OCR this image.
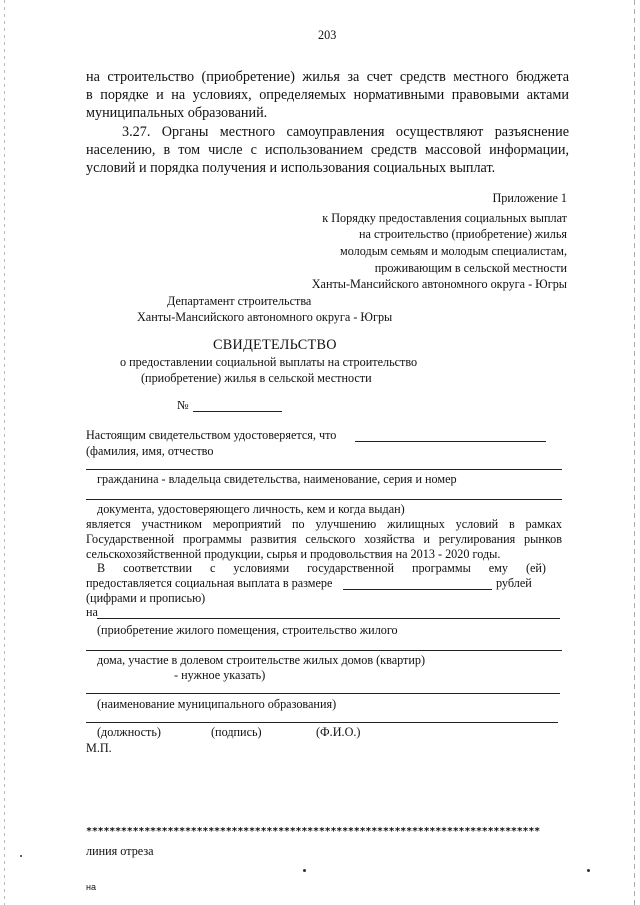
203
на строительство (приобретение) жилья за счет средств местного бюджета
в порядке и на условиях, определяемых нормативными правовыми актами
муниципальных образований.
3.27. Органы местного самоуправления осуществляют разъяснение
населению, в том числе с использованием средств массовой информации,
условий и порядка получения и использования социальных выплат.
Приложение 1
к Порядку предоставления социальных выплат
на строительство (приобретение) жилья
молодым семьям и молодым специалистам,
проживающим в сельской местности
Ханты-Мансийского автономного округа - Югры
Департамент строительства
Ханты-Мансийского автономного округа - Югры
СВИДЕТЕЛЬСТВО
о предоставлении социальной выплаты на строительство
(приобретение) жилья в сельской местности
№
Настоящим свидетельством удостоверяется, что
(фамилия, имя, отчество
гражданина - владельца свидетельства, наименование, серия и номер
документа, удостоверяющего личность, кем и когда выдан)
является участником мероприятий по улучшению жилищных условий в рамках
Государственной программы развития сельского хозяйства и регулирования рынков
сельскохозяйственной продукции, сырья и продовольствия на 2013 - 2020 годы.
В соответствии с условиями государственной программы ему (ей)
предоставляется социальная выплата в размере	рублей
(цифрами и прописью)
на
(приобретение жилого помещения, строительство жилого
дома, участие в долевом строительстве жилых домов (квартир)
- нужное указать)
(наименование муниципального образования)
(должность)	(подпись)	(Ф.И.О.)
М.П.
******************************************************************************
линия отреза
на
